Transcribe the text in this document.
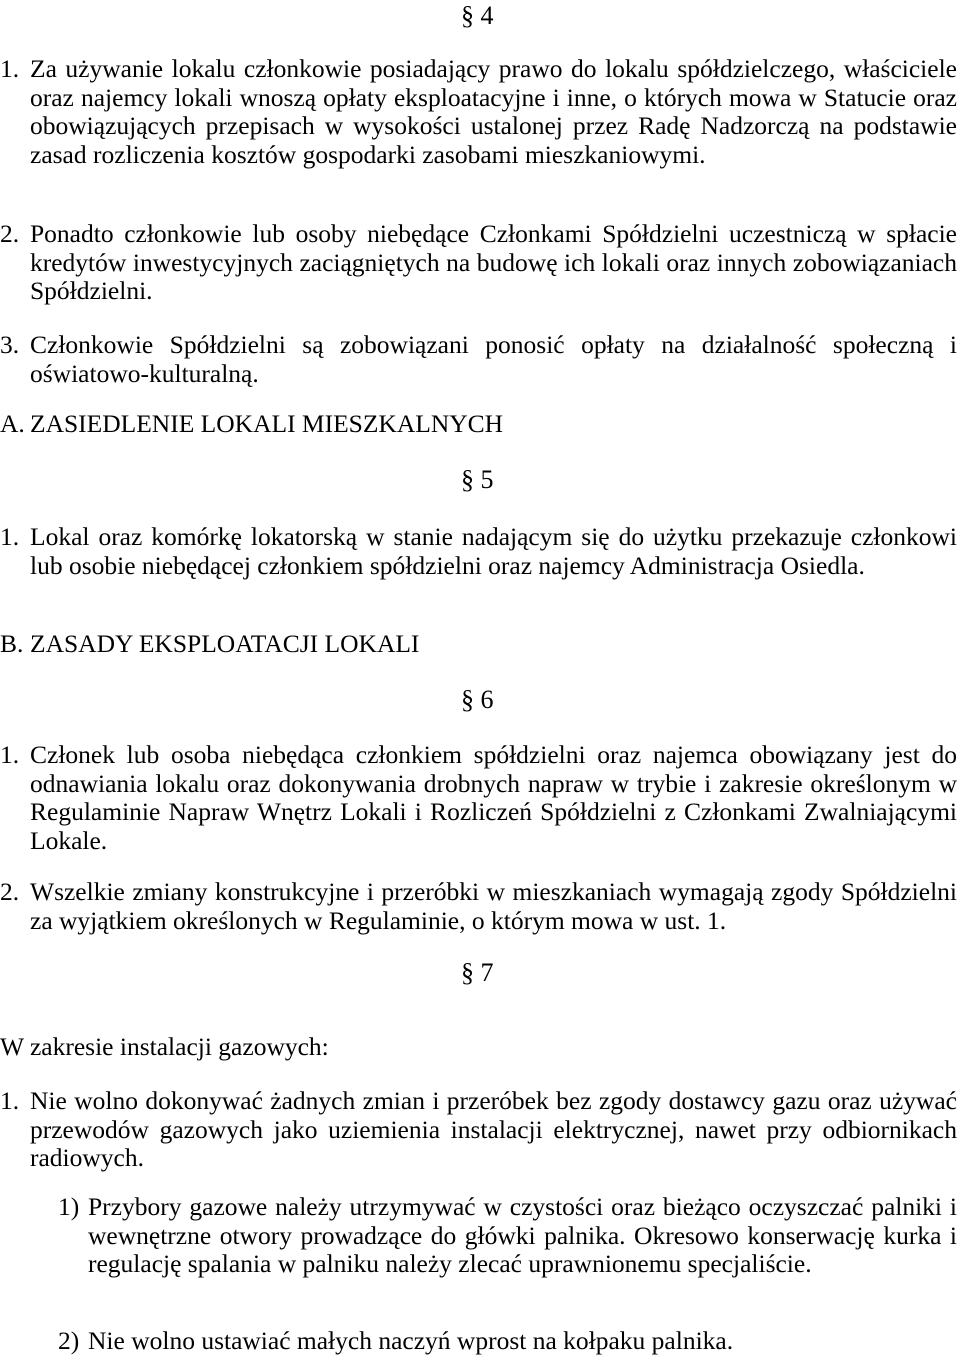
§ 4
1. Za używanie lokalu członkowie posiadający prawo do lokalu spółdzielczego, właściciele oraz najemcy lokali wnoszą opłaty eksploatacyjne i inne, o których mowa w Statucie oraz obowiązujących przepisach w wysokości ustalonej przez Radę Nadzorczą na podstawie zasad rozliczenia kosztów gospodarki zasobami mieszkaniowymi.
2. Ponadto członkowie lub osoby niebędące Członkami Spółdzielni uczestniczą w spłacie kredytów inwestycyjnych zaciągniętych na budowę ich lokali oraz innych zobowiązaniach Spółdzielni.
3. Członkowie Spółdzielni są zobowiązani ponosić opłaty na działalność społeczną i oświatowo-kulturalną.
A. ZASIEDLENIE LOKALI MIESZKALNYCH
§ 5
1. Lokal oraz komórkę lokatorską w stanie nadającym się do użytku przekazuje członkowi lub osobie niebędącej członkiem spółdzielni oraz najemcy Administracja Osiedla.
B. ZASADY EKSPLOATACJI LOKALI
§ 6
1. Członek lub osoba niebędąca członkiem spółdzielni oraz najemca obowiązany jest do odnawiania lokalu oraz dokonywania drobnych napraw w trybie i zakresie określonym w Regulaminie Napraw Wnętrz Lokali i Rozliczeń Spółdzielni z Członkami Zwalniającymi Lokale.
2. Wszelkie zmiany konstrukcyjne i przeróbki w mieszkaniach wymagają zgody Spółdzielni za wyjątkiem określonych w Regulaminie, o którym mowa w ust. 1.
§ 7
W zakresie instalacji gazowych:
1. Nie wolno dokonywać żadnych zmian i przeróbek bez zgody dostawcy gazu oraz używać przewodów gazowych jako uziemienia instalacji elektrycznej, nawet przy odbiornikach radiowych.
1) Przybory gazowe należy utrzymywać w czystości oraz bieżąco oczyszczać palniki i wewnętrzne otwory prowadzące do główki palnika. Okresowo konserwację kurka i regulację spalania w palniku należy zlecać uprawnionemu specjaliście.
2) Nie wolno ustawiać małych naczyń wprost na kołpaku palnika.
